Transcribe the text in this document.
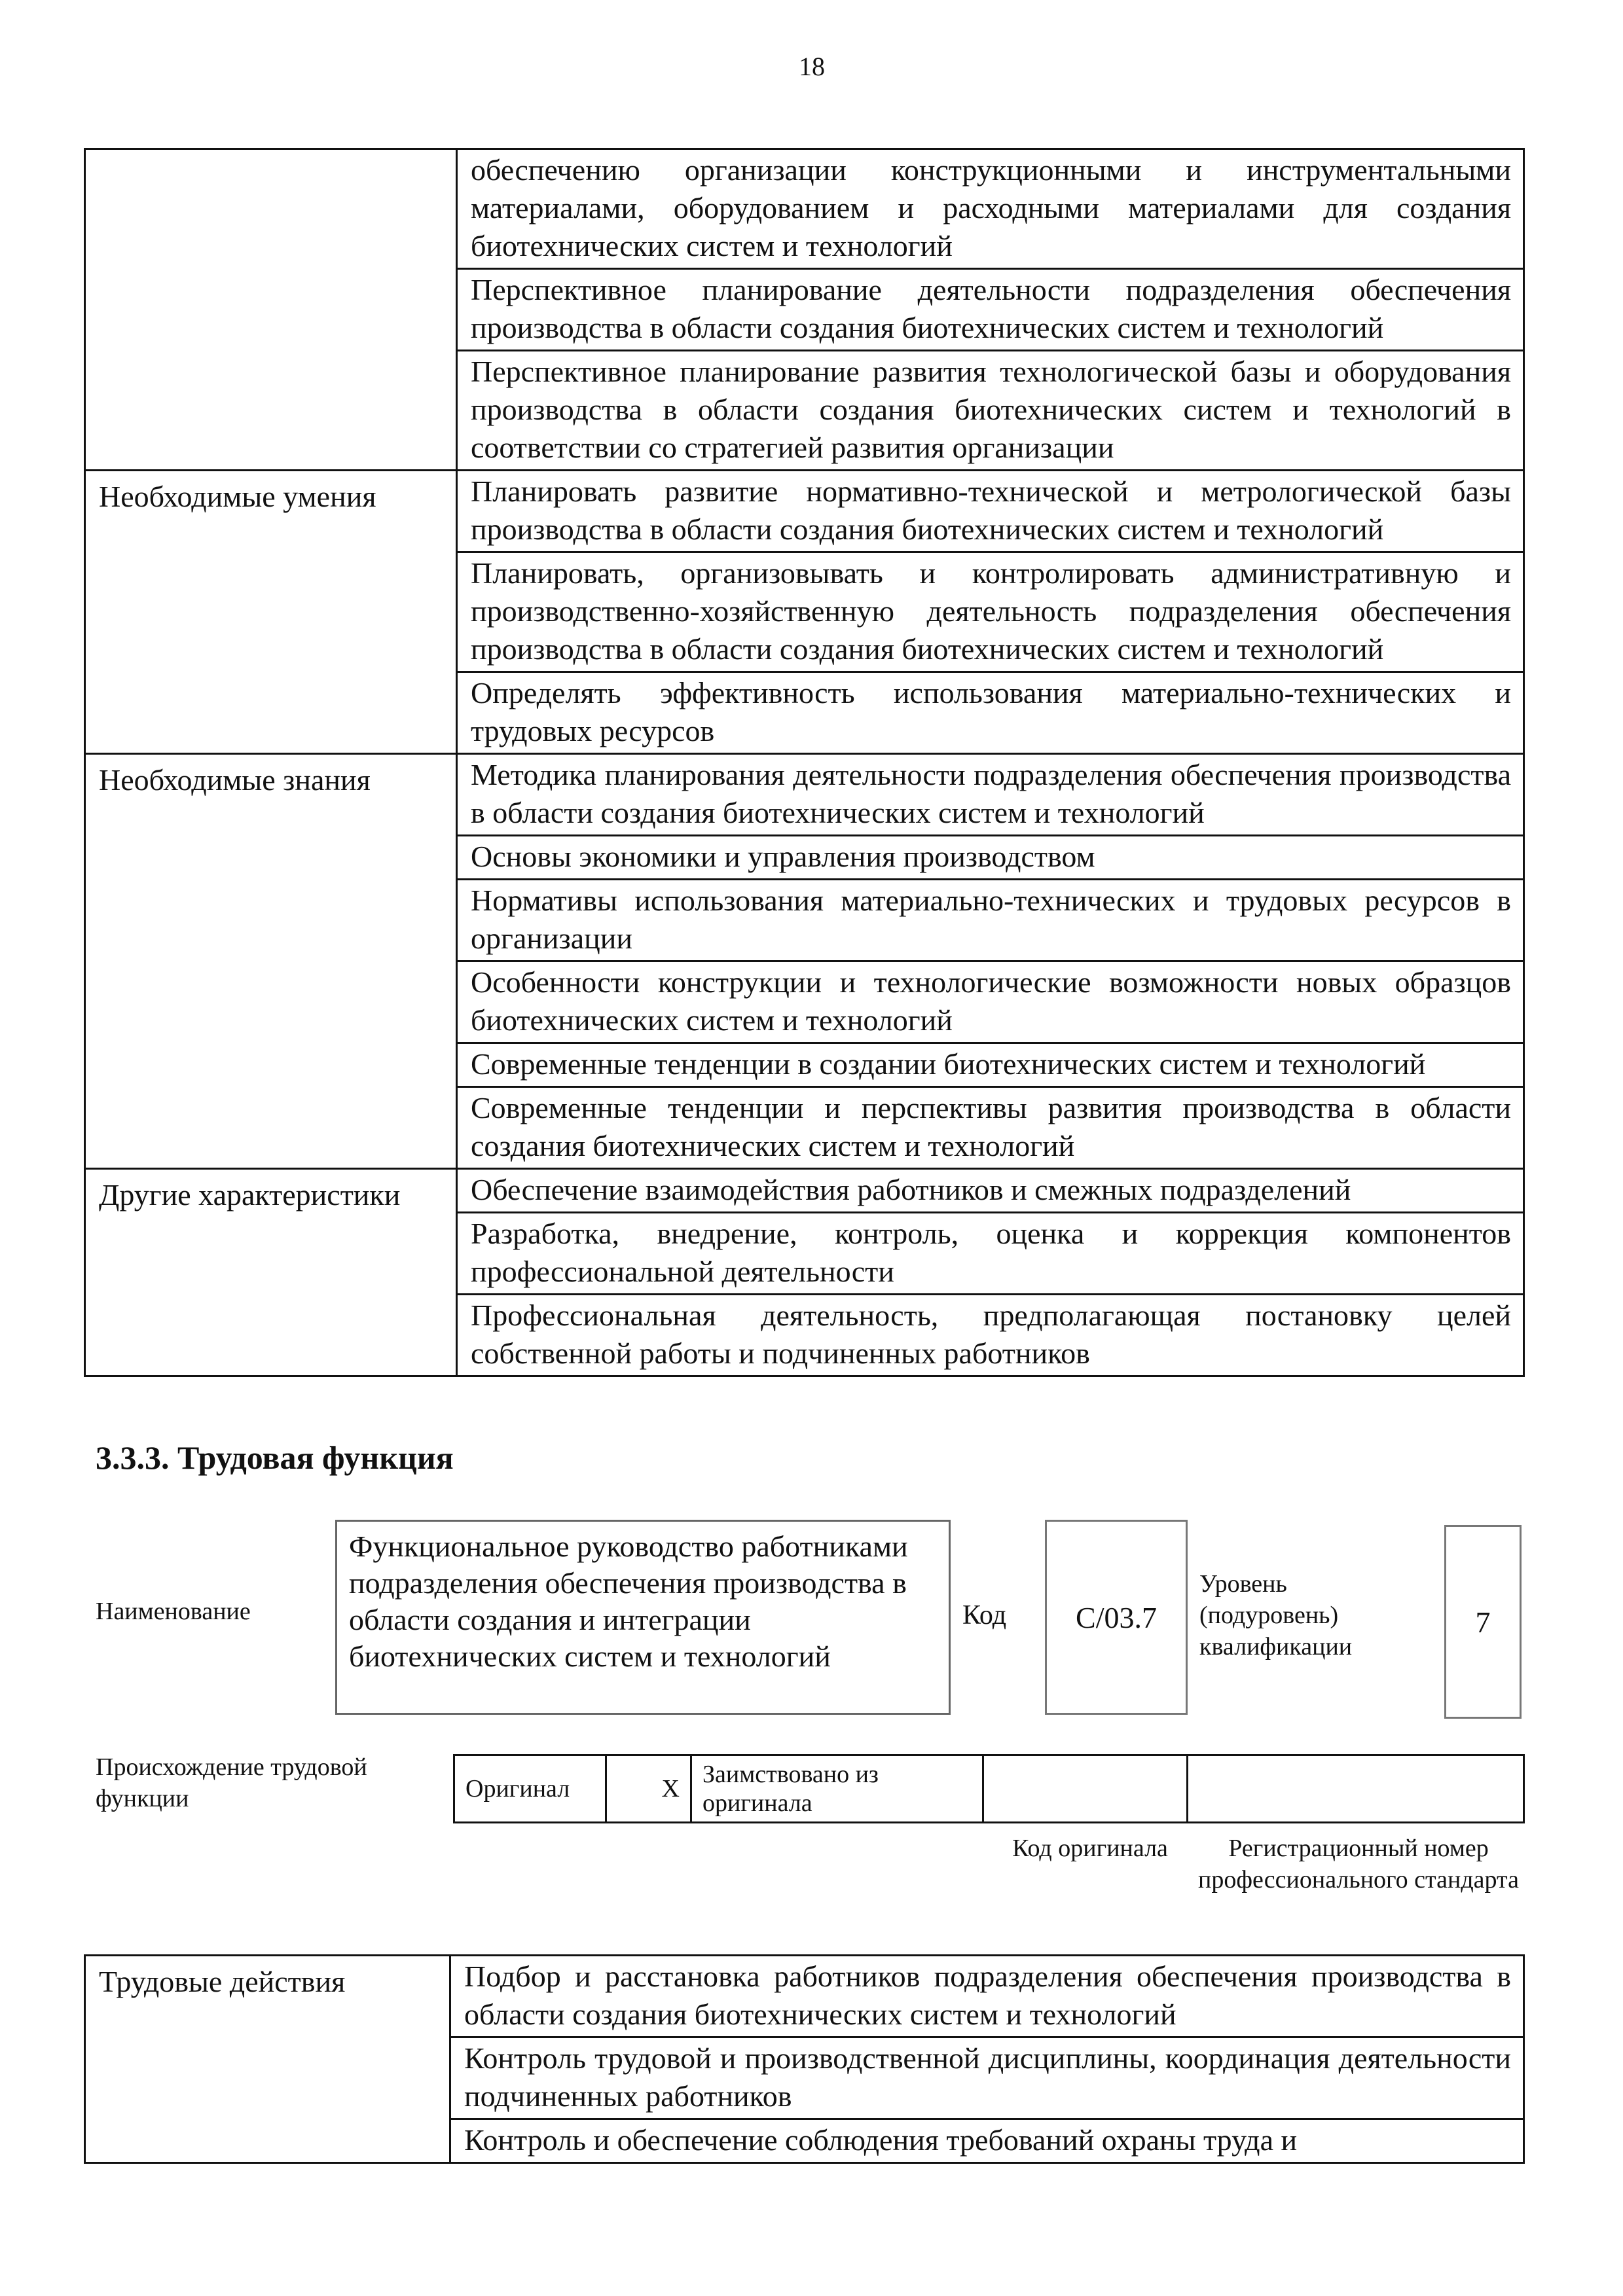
18
	обеспечению организации конструкционными и инструментальными материалами, оборудованием и расходными материалами для создания биотехнических систем и технологий
	Перспективное планирование деятельности подразделения обеспечения производства в области создания биотехнических систем и технологий
	Перспективное планирование развития технологической базы и оборудования производства в области создания биотехнических систем и технологий в соответствии со стратегией развития организации
Необходимые умения	Планировать развитие нормативно-технической и метрологической базы производства в области создания биотехнических систем и технологий
	Планировать, организовывать и контролировать административную и производственно-хозяйственную деятельность подразделения обеспечения производства в области создания биотехнических систем и технологий
	Определять эффективность использования материально-технических и трудовых ресурсов
Необходимые знания	Методика планирования деятельности подразделения обеспечения производства в области создания биотехнических систем и технологий
	Основы экономики и управления производством
	Нормативы использования материально-технических и трудовых ресурсов в организации
	Особенности конструкции и технологические возможности новых образцов биотехнических систем и технологий
	Современные тенденции в создании биотехнических систем и технологий
	Современные тенденции и перспективы развития производства в области создания биотехнических систем и технологий
Другие характеристики	Обеспечение взаимодействия работников и смежных подразделений
	Разработка, внедрение, контроль, оценка и коррекция компонентов профессиональной деятельности
	Профессиональная деятельность, предполагающая постановку целей собственной работы и подчиненных работников
3.3.3. Трудовая функция
Наименование
Функциональное руководство работниками подразделения обеспечения производства в области создания и интеграции биотехнических систем и технологий
Код C/03.7
Уровень (подуровень) квалификации
7
Происхождение трудовой функции	Оригинал	X	Заимствовано из оригинала		
Код оригинала	Регистрационный номер профессионального стандарта
Трудовые действия	Подбор и расстановка работников подразделения обеспечения производства в области создания биотехнических систем и технологий
Контроль трудовой и производственной дисциплины, координация деятельности подчиненных работников
Контроль и обеспечение соблюдения требований охраны труда и
